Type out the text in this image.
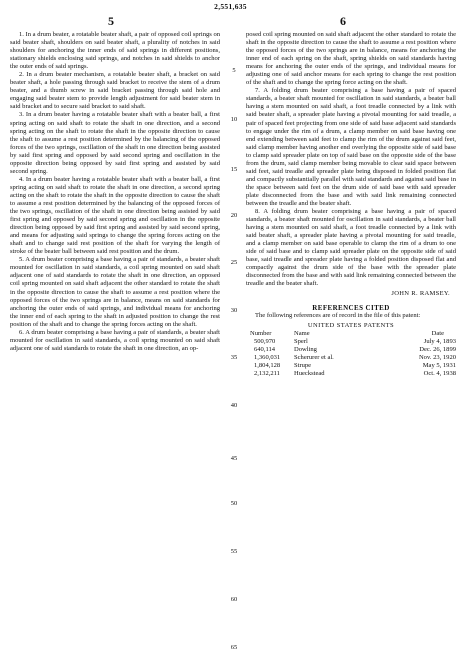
2,551,635
5	6
5
10
15
20
25
30
35
40
45
50
55
60
65

1. In a drum beater, a rotatable beater shaft, a pair of opposed coil springs on said beater shaft, shoulders on said beater shaft, a plurality of notches in said shoulders for anchoring the inner ends of said springs in different positions, stationary shields enclosing said springs, and notches in said shields to anchor the outer ends of said springs.

2. In a drum beater mechanism, a rotatable beater shaft, a bracket on said beater shaft, a hole passing through said bracket to receive the stem of a drum beater, and a thumb screw in said bracket passing through said hole and engaging said beater stem to provide length adjustment for said beater stem in said bracket and to secure said bracket to said shaft.

3. In a drum beater having a rotatable beater shaft with a beater ball, a first spring acting on said shaft to rotate the shaft in one direction, and a second spring acting on the shaft to rotate the shaft in the opposite direction to cause the shaft to assume a rest position determined by the balancing of the opposed forces of the two springs, oscillation of the shaft in one direction being assisted by said first spring and opposed by said second spring and oscillation in the opposite direction being opposed by said first spring and assisted by said second spring.

4. In a drum beater having a rotatable beater shaft with a beater ball, a first spring acting on said shaft to rotate the shaft in one direction, a second spring acting on the shaft to rotate the shaft in the opposite direction to cause the shaft to assume a rest position determined by the balancing of the opposed forces of the two springs, oscillation of the shaft in one direction being assisted by said first spring and opposed by said second spring and oscillation in the opposite direction being opposed by said first spring and assisted by said second spring, and means for adjusting said springs to change the spring forces acting on the shaft and to change said rest position of the shaft for varying the length of stroke of the beater ball between said rest position and the drum.

5. A drum beater comprising a base having a pair of standards, a beater shaft mounted for oscillation in said standards, a coil spring mounted on said shaft adjacent one of said standards to rotate the shaft in one direction, an opposed coil spring mounted on said shaft adjacent the other standard to rotate the shaft in the opposite direction to cause the shaft to assume a rest position where the opposed forces of the two springs are in balance, means on said standards for anchoring the outer ends of said springs, and individual means for anchoring the inner end of each spring to the shaft in adjusted position to change the rest position of the shaft and to change the spring forces acting on the shaft.

6. A drum beater comprising a base having a pair of standards, a beater shaft mounted for oscillation in said standards, a coil spring mounted on said shaft adjacent one of said standards to rotate the shaft in one direction, an op-

posed coil spring mounted on said shaft adjacent the other standard to rotate the shaft in the opposite direction to cause the shaft to assume a rest position where the opposed forces of the two springs are in balance, means for anchoring the inner end of each spring on the shaft, spring shields on said standards having means for anchoring the outer ends of the springs, and individual means for adjusting one of said anchor means for each spring to change the rest position of the shaft and to change the spring force acting on the shaft.

7. A folding drum beater comprising a base having a pair of spaced standards, a beater shaft mounted for oscillation in said standards, a beater ball having a stem mounted on said shaft, a foot treadle connected by a link with said beater shaft, a spreader plate having a pivotal mounting for said treadle, a pair of spaced feet projecting from one side of said base adjacent said standards to engage under the rim of a drum, a clamp member on said base having one end extending between said feet to clamp the rim of the drum against said feet, said clamp member having another end overlying the opposite side of said base to clamp said spreader plate on top of said base on the opposite side of the base from the drum, said clamp member being movable to clear said space between said feet, said treadle and spreader plate being disposed in folded position flat and compactly substantially parallel with said standards and against said base in the space between said feet on the drum side of said base with said spreader plate disconnected from the base and with said link remaining connected between the treadle and the beater shaft.

8. A folding drum beater comprising a base having a pair of spaced standards, a beater shaft mounted for oscillation in said standards, a beater ball having a stem mounted on said shaft, a foot treadle connected by a link with said beater shaft, a spreader plate having a pivotal mounting for said treadle, and a clamp member on said base operable to clamp the rim of a drum to one side of said base and to clamp said spreader plate on the opposite side of said base, said treadle and spreader plate having a folded position disposed flat and compactly against the drum side of the base with the spreader plate disconnected from the base and with said link remaining connected between the treadle and the beater shaft.

JOHN R. RAMSEY.
REFERENCES CITED

The following references are of record in the file of this patent:

UNITED STATES PATENTS
Number	Name	Date
500,970	Sperl	July 4, 1893
640,114	Dowling	Dec. 26, 1899
1,360,031	Scherurer et al.	Nov. 23, 1920
1,804,128	Strupe	May 5, 1931
2,132,211	Hueckstead	Oct. 4, 1938
